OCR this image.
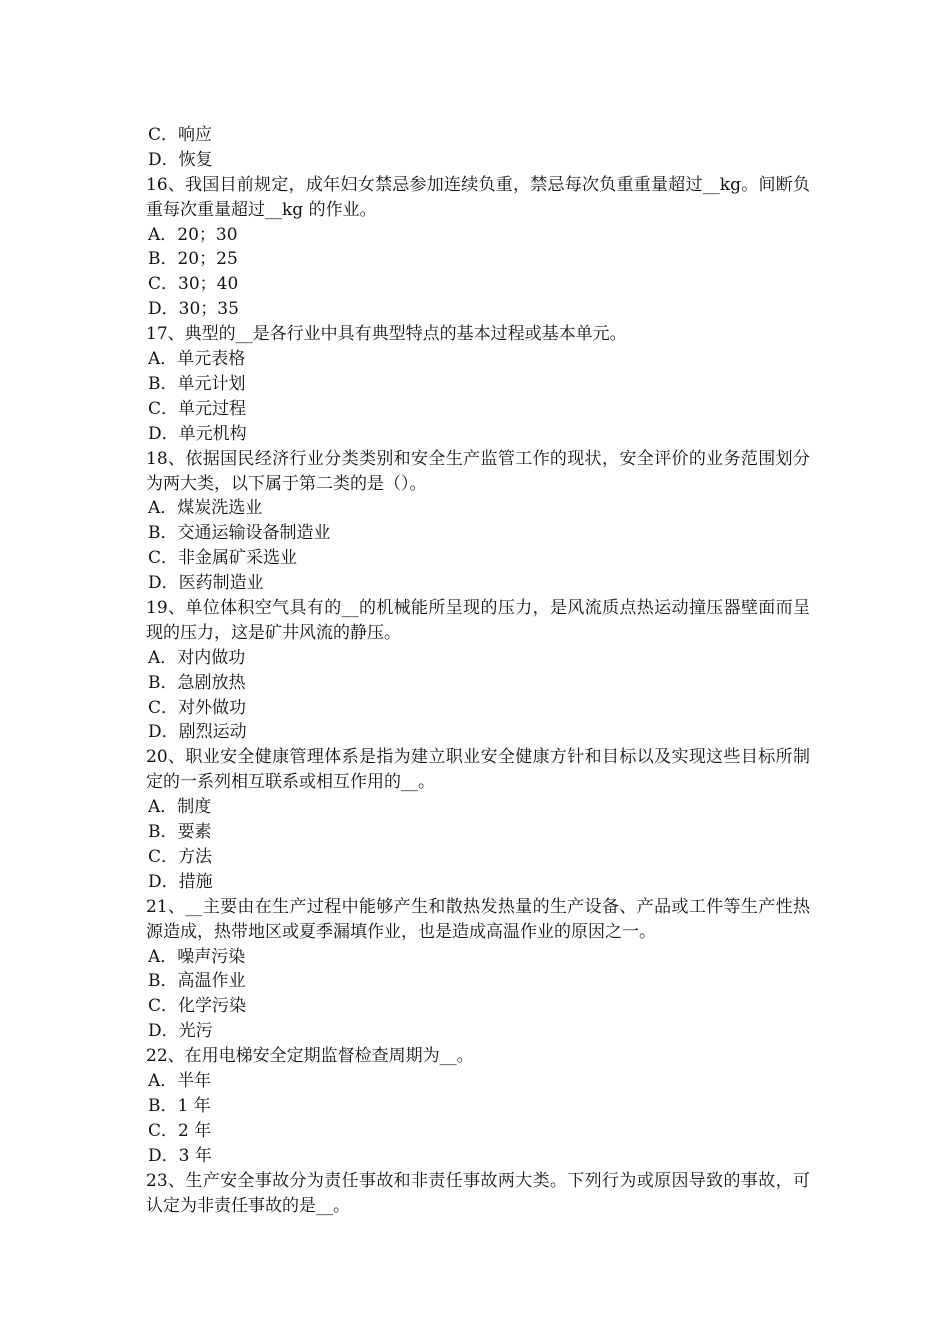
C．响应
D．恢复
16、我国目前规定，成年妇女禁忌参加连续负重，禁忌每次负重重量超过__kg。间断负重每次重量超过__kg 的作业。
A．20；30
B．20；25
C．30；40
D．30；35
17、典型的__是各行业中具有典型特点的基本过程或基本单元。
A．单元表格
B．单元计划
C．单元过程
D．单元机构
18、依据国民经济行业分类类别和安全生产监管工作的现状，安全评价的业务范围划分为两大类，以下属于第二类的是（）。
A．煤炭洗选业
B．交通运输设备制造业
C．非金属矿采选业
D．医药制造业
19、单位体积空气具有的__的机械能所呈现的压力，是风流质点热运动撞压器壁面而呈现的压力，这是矿井风流的静压。
A．对内做功
B．急剧放热
C．对外做功
D．剧烈运动
20、职业安全健康管理体系是指为建立职业安全健康方针和目标以及实现这些目标所制定的一系列相互联系或相互作用的__。
A．制度
B．要素
C．方法
D．措施
21、__主要由在生产过程中能够产生和散热发热量的生产设备、产品或工件等生产性热源造成，热带地区或夏季漏填作业，也是造成高温作业的原因之一。
A．噪声污染
B．高温作业
C．化学污染
D．光污
22、在用电梯安全定期监督检查周期为__。
A．半年
B．1 年
C．2 年
D．3 年
23、生产安全事故分为责任事故和非责任事故两大类。下列行为或原因导致的事故，可认定为非责任事故的是__。
